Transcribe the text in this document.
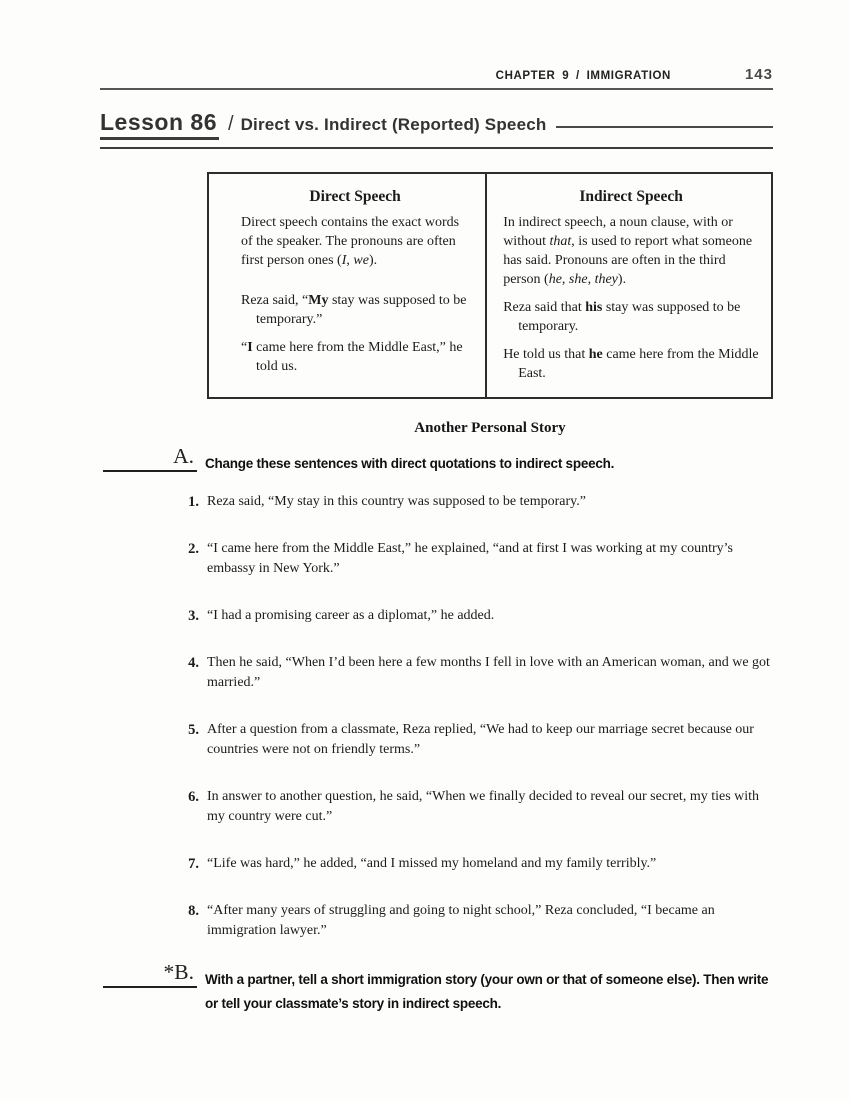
CHAPTER 9 / IMMIGRATION	143
Lesson 86 / Direct vs. Indirect (Reported) Speech
Direct Speech
Direct speech contains the exact words of the speaker. The pronouns are often first person ones (I, we).
Reza said, “My stay was supposed to be temporary.”
“I came here from the Middle East,” he told us.
Indirect Speech
In indirect speech, a noun clause, with or without that, is used to report what someone has said. Pronouns are often in the third person (he, she, they).
Reza said that his stay was supposed to be temporary.
He told us that he came here from the Middle East.
Another Personal Story
A. Change these sentences with direct quotations to indirect speech.
1. Reza said, “My stay in this country was supposed to be temporary.”
2. “I came here from the Middle East,” he explained, “and at first I was working at my country’s embassy in New York.”
3. “I had a promising career as a diplomat,” he added.
4. Then he said, “When I’d been here a few months I fell in love with an American woman, and we got married.”
5. After a question from a classmate, Reza replied, “We had to keep our marriage secret because our countries were not on friendly terms.”
6. In answer to another question, he said, “When we finally decided to reveal our secret, my ties with my country were cut.”
7. “Life was hard,” he added, “and I missed my homeland and my family terribly.”
8. “After many years of struggling and going to night school,” Reza concluded, “I became an immigration lawyer.”
*B. With a partner, tell a short immigration story (your own or that of someone else). Then write or tell your classmate’s story in indirect speech.
